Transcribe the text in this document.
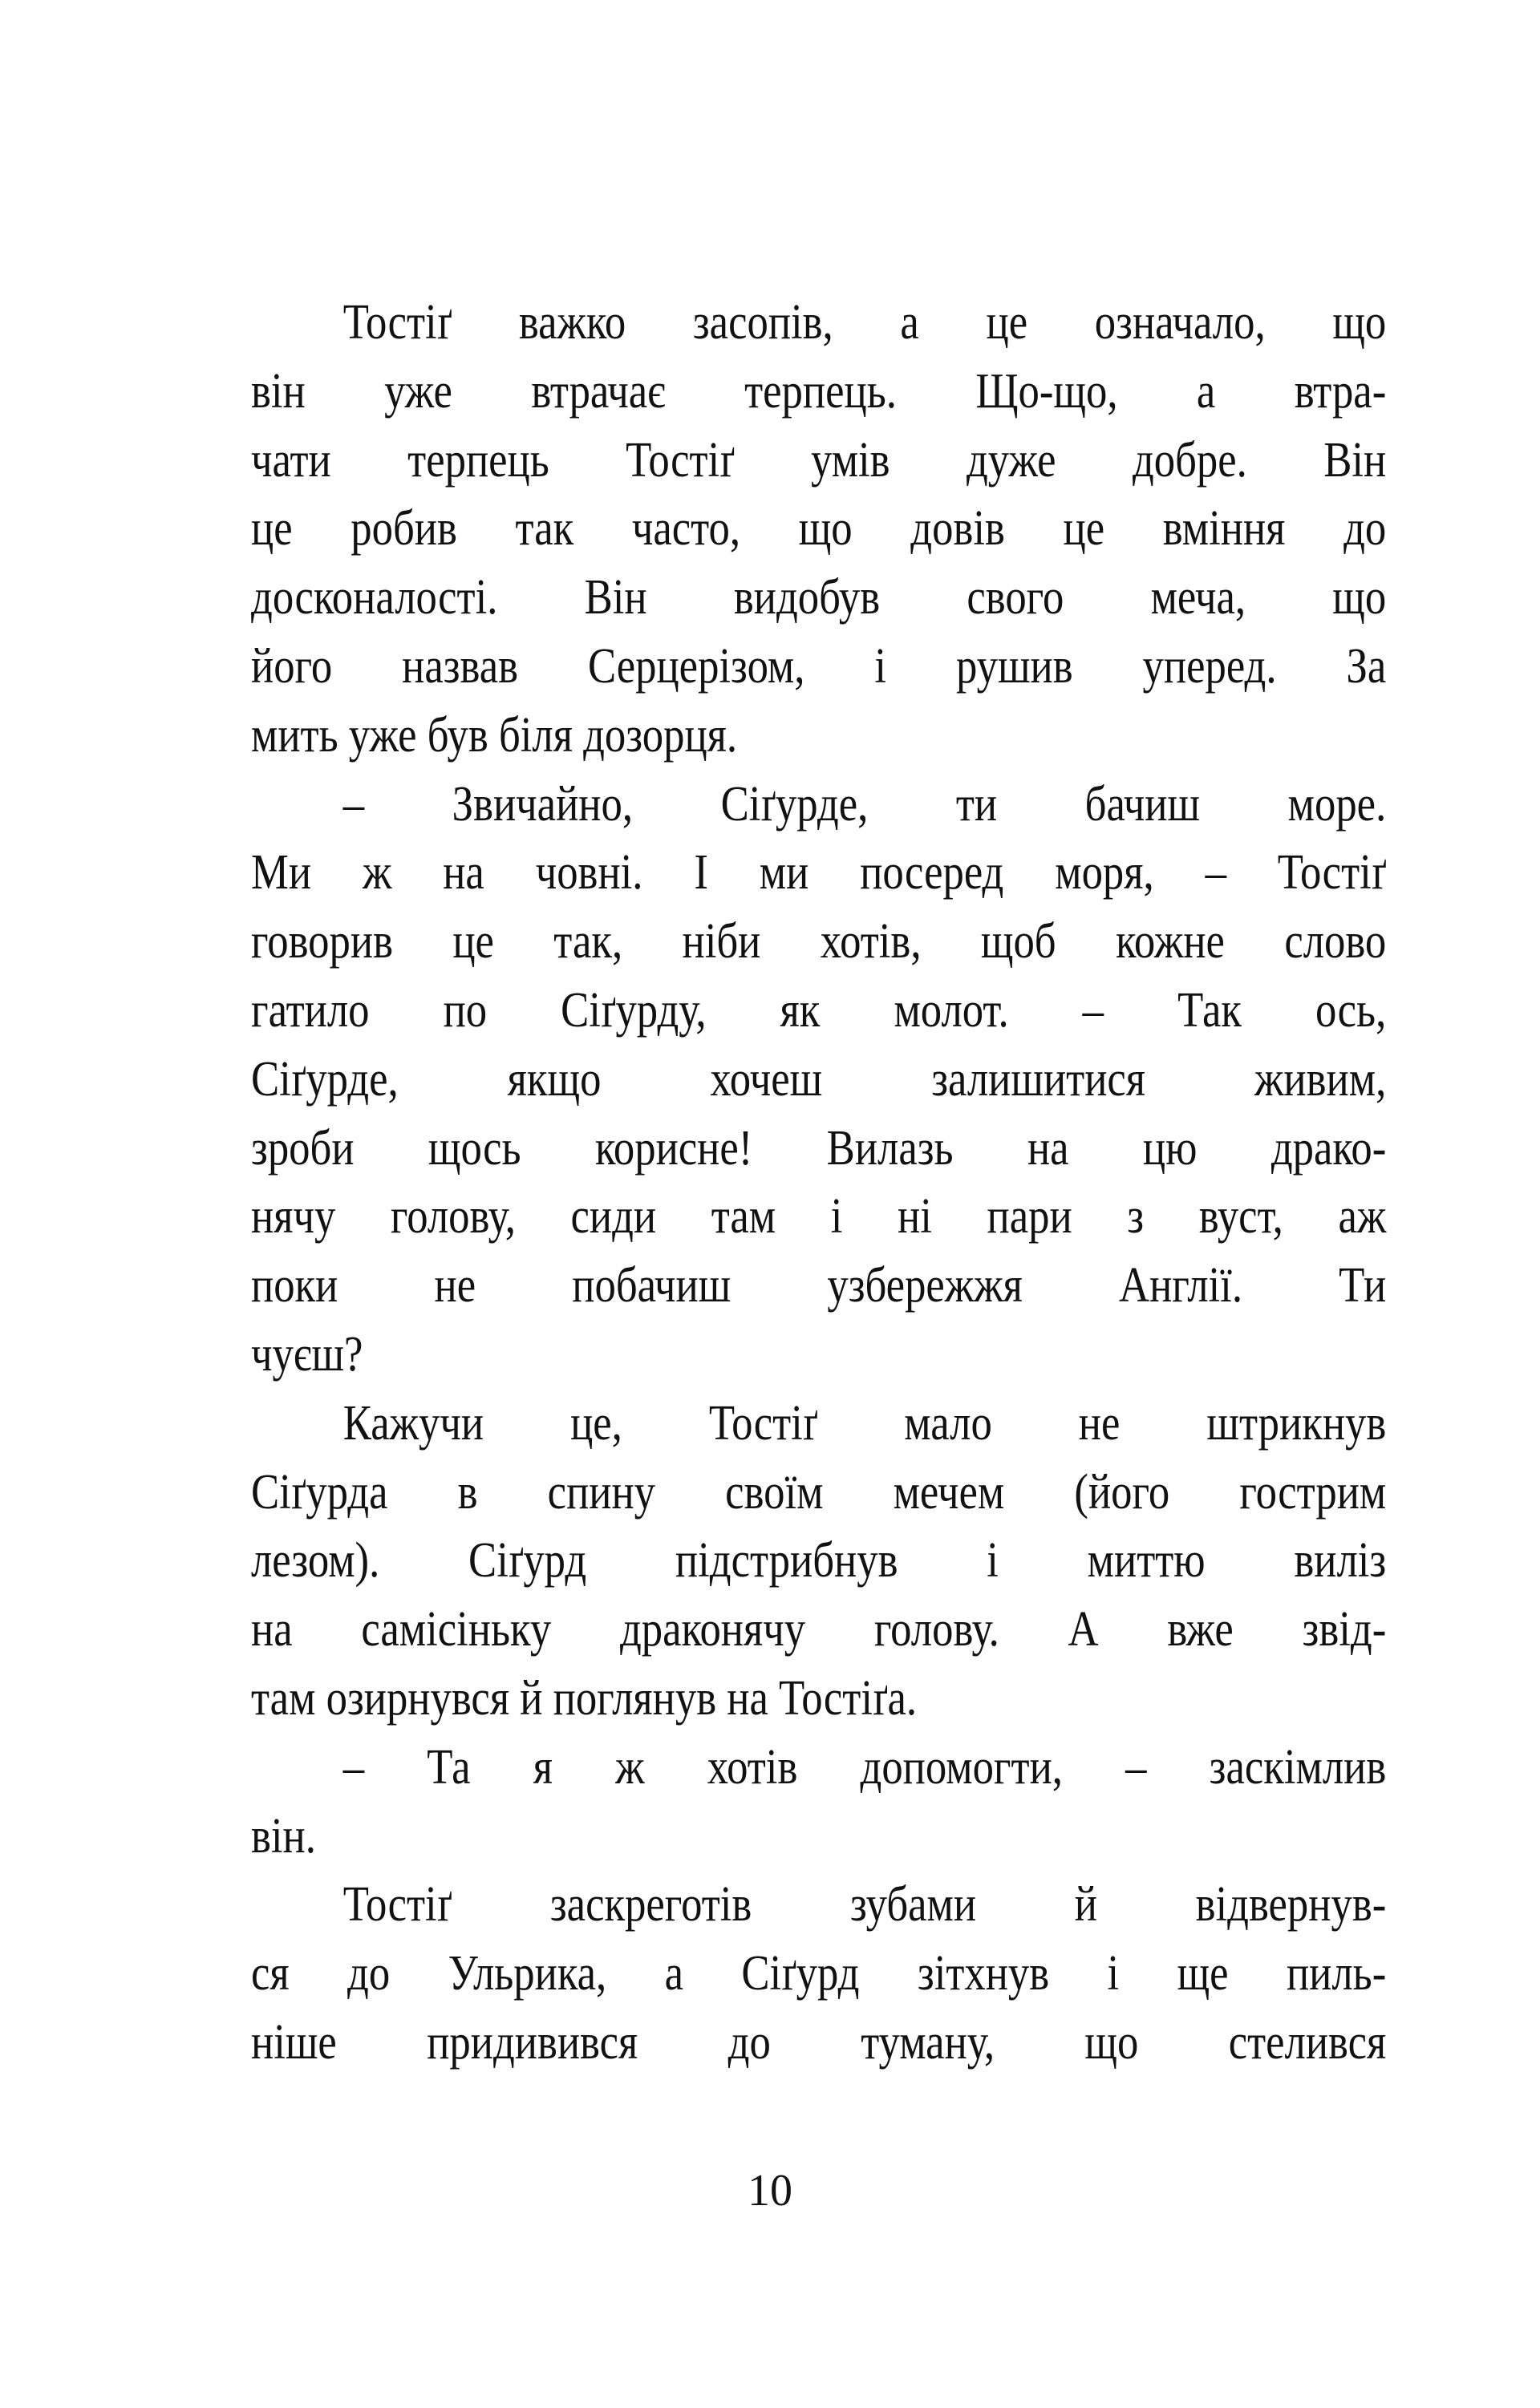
Тостіґ важко засопів, а це означало, що
він уже втрачає терпець. Що-що, а втра-
чати терпець Тостіґ умів дуже добре. Він
це робив так часто, що довів це вміння до
досконалості. Він видобув свого меча, що
його назвав Серцерізом, і рушив уперед. За
мить уже був біля дозорця.
– Звичайно, Сіґурде, ти бачиш море.
Ми ж на човні. І ми посеред моря, – Тостіґ
говорив це так, ніби хотів, щоб кожне слово
гатило по Сіґурду, як молот. – Так ось,
Сіґурде, якщо хочеш залишитися живим,
зроби щось корисне! Вилазь на цю драко-
нячу голову, сиди там і ні пари з вуст, аж
поки не побачиш узбережжя Англії. Ти
чуєш?
Кажучи це, Тостіґ мало не штрикнув
Сіґурда в спину своїм мечем (його гострим
лезом). Сіґурд підстрибнув і миттю виліз
на самісіньку драконячу голову. А вже звід-
там озирнувся й поглянув на Тостіґа.
– Та я ж хотів допомогти, – заскімлив
він.
Тостіґ заскреготів зубами й відвернув-
ся до Ульрика, а Сіґурд зітхнув і ще пиль-
ніше придивився до туману, що стелився
10
